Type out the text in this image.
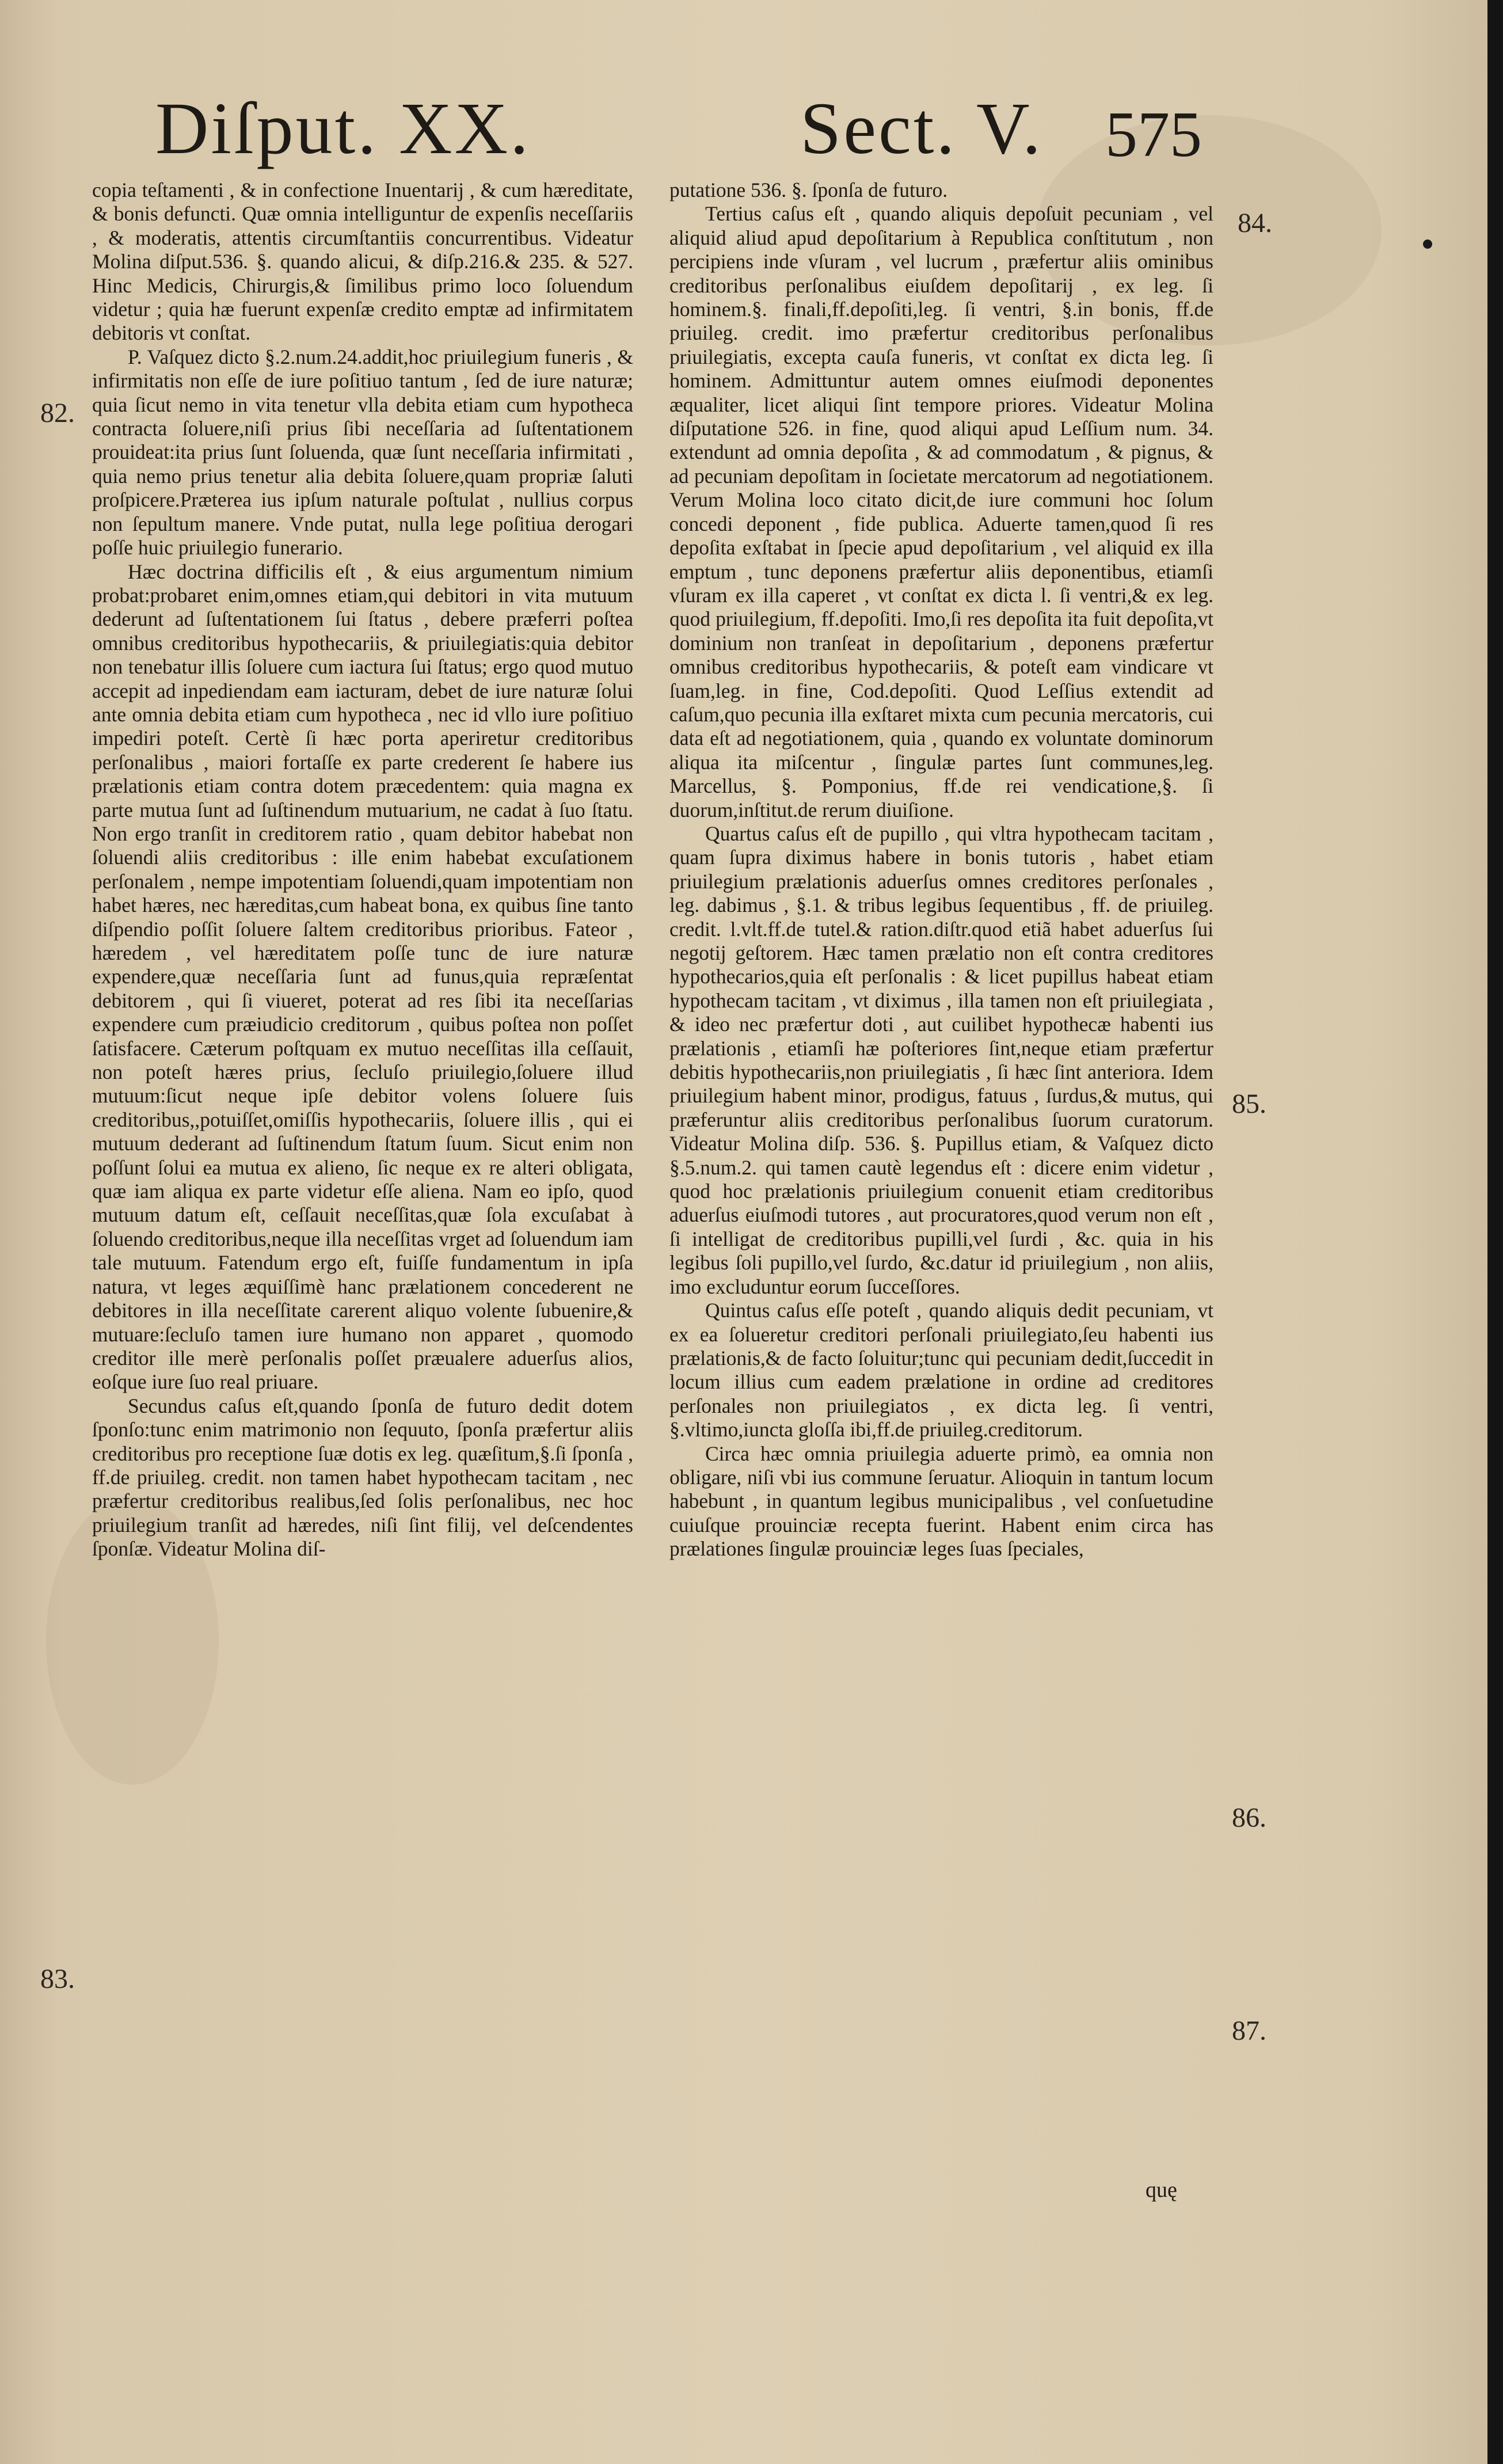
Diſput. XX.	Sect. V. 575

copia teſtamenti , & in confectione Inuentarij , & cum hæreditate, & bonis defuncti. Quæ omnia intelliguntur de expenſis neceſſariis , & moderatis, attentis circumſtantiis concurrentibus. Videatur Molina diſput.536. §. quando alicui, & diſp.216.& 235. & 527. Hinc Medicis, Chirurgis,& ſimilibus primo loco ſoluendum videtur ; quia hæ fuerunt expenſæ credito emptæ ad infirmitatem debitoris vt conſtat.

P. Vaſquez dicto §.2.num.24.addit,hoc priuilegium funeris , & infirmitatis non eſſe de iure poſitiuo tantum , ſed de iure naturæ; quia ſicut nemo in vita tenetur vlla debita etiam cum hypotheca contracta ſoluere,niſi prius ſibi neceſſaria ad ſuſtentationem prouideat:ita prius ſunt ſoluenda, quæ ſunt neceſſaria infirmitati , quia nemo prius tenetur alia debita ſoluere,quam propriæ ſaluti proſpicere.Præterea ius ipſum naturale poſtulat , nullius corpus non ſepultum manere. Vnde putat, nulla lege poſitiua derogari poſſe huic priuilegio funerario.

Hæc doctrina difficilis eſt , & eius argumentum nimium probat:probaret enim,omnes etiam,qui debitori in vita mutuum dederunt ad ſuſtentationem ſui ſtatus , debere præferri poſtea omnibus creditoribus hypothecariis, & priuilegiatis:quia debitor non tenebatur illis ſoluere cum iactura ſui ſtatus; ergo quod mutuo accepit ad inpediendam eam iacturam, debet de iure naturæ ſolui ante omnia debita etiam cum hypotheca , nec id vllo iure poſitiuo impediri poteſt. Certè ſi hæc porta aperiretur creditoribus perſonalibus , maiori fortaſſe ex parte crederent ſe habere ius prælationis etiam contra dotem præcedentem: quia magna ex parte mutua ſunt ad ſuſtinendum mutuarium, ne cadat à ſuo ſtatu. Non ergo tranſit in creditorem ratio , quam debitor habebat non ſoluendi aliis creditoribus : ille enim habebat excuſationem perſonalem , nempe impotentiam ſoluendi,quam impotentiam non habet hæres, nec hæreditas,cum habeat bona, ex quibus ſine tanto diſpendio poſſit ſoluere ſaltem creditoribus prioribus. Fateor , hæredem , vel hæreditatem poſſe tunc de iure naturæ expendere,quæ neceſſaria ſunt ad funus,quia repræſentat debitorem , qui ſi viueret, poterat ad res ſibi ita neceſſarias expendere cum præiudicio creditorum , quibus poſtea non poſſet ſatisfacere. Cæterum poſtquam ex mutuo neceſſitas illa ceſſauit, non poteſt hæres prius, ſecluſo priuilegio,ſoluere illud mutuum:ſicut neque ipſe debitor volens ſoluere ſuis creditoribus,,potuiſſet,omiſſis hypothecariis, ſoluere illis , qui ei mutuum dederant ad ſuſtinendum ſtatum ſuum. Sicut enim non poſſunt ſolui ea mutua ex alieno, ſic neque ex re alteri obligata, quæ iam aliqua ex parte videtur eſſe aliena. Nam eo ipſo, quod mutuum datum eſt, ceſſauit neceſſitas,quæ ſola excuſabat à ſoluendo creditoribus,neque illa neceſſitas vrget ad ſoluendum iam tale mutuum. Fatendum ergo eſt, fuiſſe fundamentum in ipſa natura, vt leges æquiſſimè hanc prælationem concederent ne debitores in illa neceſſitate carerent aliquo volente ſubuenire,& mutuare:ſecluſo tamen iure humano non apparet , quomodo creditor ille merè perſonalis poſſet præualere aduerſus alios, eoſque iure ſuo real priuare.

Secundus caſus eſt,quando ſponſa de futuro dedit dotem ſponſo:tunc enim matrimonio non ſequuto, ſponſa præfertur aliis creditoribus pro receptione ſuæ dotis ex leg. quæſitum,§.ſi ſponſa , ff.de priuileg. credit. non tamen habet hypothecam tacitam , nec præfertur creditoribus realibus,ſed ſolis perſonalibus, nec hoc priuilegium tranſit ad hæredes, niſi ſint filij, vel deſcendentes ſponſæ. Videatur Molina diſ-

putatione 536. §. ſponſa de futuro.

Tertius caſus eſt , quando aliquis depoſuit pecuniam , vel aliquid aliud apud depoſitarium à Republica conſtitutum , non percipiens inde vſuram , vel lucrum , præfertur aliis ominibus creditoribus perſonalibus eiuſdem depoſitarij , ex leg. ſi hominem.§. finali,ff.depoſiti,leg. ſi ventri, §.in bonis, ff.de priuileg. credit. imo præfertur creditoribus perſonalibus priuilegiatis, excepta cauſa funeris, vt conſtat ex dicta leg. ſi hominem. Admittuntur autem omnes eiuſmodi deponentes æqualiter, licet aliqui ſint tempore priores. Videatur Molina diſputatione 526. in fine, quod aliqui apud Leſſium num. 34. extendunt ad omnia depoſita , & ad commodatum , & pignus, & ad pecuniam depoſitam in ſocietate mercatorum ad negotiationem. Verum Molina loco citato dicit,de iure communi hoc ſolum concedi deponent , fide publica. Aduerte tamen,quod ſi res depoſita exſtabat in ſpecie apud depoſitarium , vel aliquid ex illa emptum , tunc deponens præfertur aliis deponentibus, etiamſi vſuram ex illa caperet , vt conſtat ex dicta l. ſi ventri,& ex leg. quod priuilegium, ff.depoſiti. Imo,ſi res depoſita ita fuit depoſita,vt dominium non tranſeat in depoſitarium , deponens præfertur omnibus creditoribus hypothecariis, & poteſt eam vindicare vt ſuam,leg. in fine, Cod.depoſiti. Quod Leſſius extendit ad caſum,quo pecunia illa exſtaret mixta cum pecunia mercatoris, cui data eſt ad negotiationem, quia , quando ex voluntate dominorum aliqua ita miſcentur , ſingulæ partes ſunt communes,leg. Marcellus, §. Pomponius, ff.de rei vendicatione,§. ſi duorum,inſtitut.de rerum diuiſione.

Quartus caſus eſt de pupillo , qui vltra hypothecam tacitam , quam ſupra diximus habere in bonis tutoris , habet etiam priuilegium prælationis aduerſus omnes creditores perſonales , leg. dabimus , §.1. & tribus legibus ſequentibus , ff. de priuileg. credit. l.vlt.ff.de tutel.& ration.diſtr.quod etiã habet aduerſus ſui negotij geſtorem. Hæc tamen prælatio non eſt contra creditores hypothecarios,quia eſt perſonalis : & licet pupillus habeat etiam hypothecam tacitam , vt diximus , illa tamen non eſt priuilegiata , & ideo nec præfertur doti , aut cuilibet hypothecæ habenti ius prælationis , etiamſi hæ poſteriores ſint,neque etiam præfertur debitis hypothecariis,non priuilegiatis , ſi hæc ſint anteriora. Idem priuilegium habent minor, prodigus, fatuus , ſurdus,& mutus, qui præferuntur aliis creditoribus perſonalibus ſuorum curatorum. Videatur Molina diſp. 536. §. Pupillus etiam, & Vaſquez dicto §.5.num.2. qui tamen cautè legendus eſt : dicere enim videtur , quod hoc prælationis priuilegium conuenit etiam creditoribus aduerſus eiuſmodi tutores , aut procuratores,quod verum non eſt , ſi intelligat de creditoribus pupilli,vel ſurdi , &c. quia in his legibus ſoli pupillo,vel ſurdo, &c.datur id priuilegium , non aliis, imo excluduntur eorum ſucceſſores.

Quintus caſus eſſe poteſt , quando aliquis dedit pecuniam, vt ex ea ſolueretur creditori perſonali priuilegiato,ſeu habenti ius prælationis,& de facto ſoluitur;tunc qui pecuniam dedit,ſuccedit in locum illius cum eadem prælatione in ordine ad creditores perſonales non priuilegiatos , ex dicta leg. ſi ventri, §.vltimo,iuncta gloſſa ibi,ff.de priuileg.creditorum.

Circa hæc omnia priuilegia aduerte primò, ea omnia non obligare, niſi vbi ius commune ſeruatur. Alioquin in tantum locum habebunt , in quantum legibus municipalibus , vel conſuetudine cuiuſque prouinciæ recepta fuerint. Habent enim circa has prælationes ſingulæ prouinciæ leges ſuas ſpeciales,

82.
83.
84.
85.
86.
87.
quę
